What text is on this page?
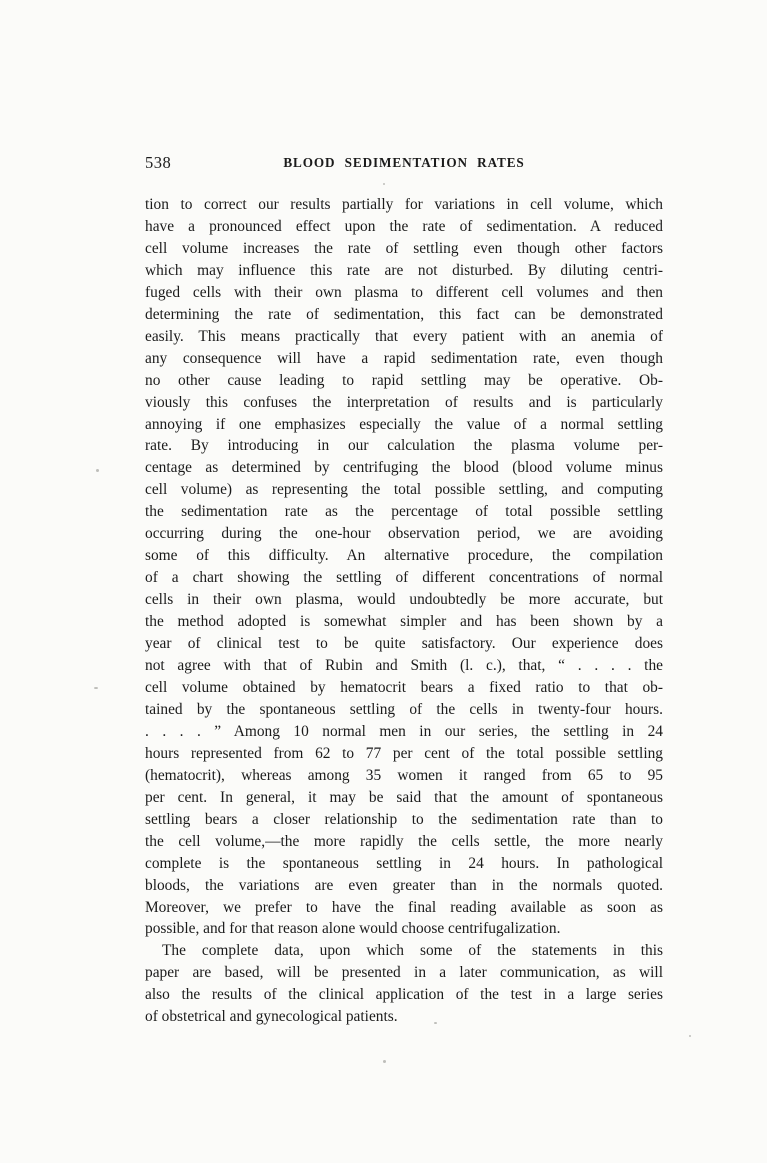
538	BLOOD SEDIMENTATION RATES
tion to correct our results partially for variations in cell volume, which
have a pronounced effect upon the rate of sedimentation. A reduced
cell volume increases the rate of settling even though other factors
which may influence this rate are not disturbed. By diluting centri-
fuged cells with their own plasma to different cell volumes and then
determining the rate of sedimentation, this fact can be demonstrated
easily. This means practically that every patient with an anemia of
any consequence will have a rapid sedimentation rate, even though
no other cause leading to rapid settling may be operative. Ob-
viously this confuses the interpretation of results and is particularly
annoying if one emphasizes especially the value of a normal settling
rate. By introducing in our calculation the plasma volume per-
centage as determined by centrifuging the blood (blood volume minus
cell volume) as representing the total possible settling, and computing
the sedimentation rate as the percentage of total possible settling
occurring during the one-hour observation period, we are avoiding
some of this difficulty. An alternative procedure, the compilation
of a chart showing the settling of different concentrations of normal
cells in their own plasma, would undoubtedly be more accurate, but
the method adopted is somewhat simpler and has been shown by a
year of clinical test to be quite satisfactory. Our experience does
not agree with that of Rubin and Smith (l. c.), that, “ . . . . the
cell volume obtained by hematocrit bears a fixed ratio to that ob-
tained by the spontaneous settling of the cells in twenty-four hours.
. . . . ” Among 10 normal men in our series, the settling in 24
hours represented from 62 to 77 per cent of the total possible settling
(hematocrit), whereas among 35 women it ranged from 65 to 95
per cent. In general, it may be said that the amount of spontaneous
settling bears a closer relationship to the sedimentation rate than to
the cell volume,—the more rapidly the cells settle, the more nearly
complete is the spontaneous settling in 24 hours. In pathological
bloods, the variations are even greater than in the normals quoted.
Moreover, we prefer to have the final reading available as soon as
possible, and for that reason alone would choose centrifugalization.
The complete data, upon which some of the statements in this
paper are based, will be presented in a later communication, as will
also the results of the clinical application of the test in a large series
of obstetrical and gynecological patients.
